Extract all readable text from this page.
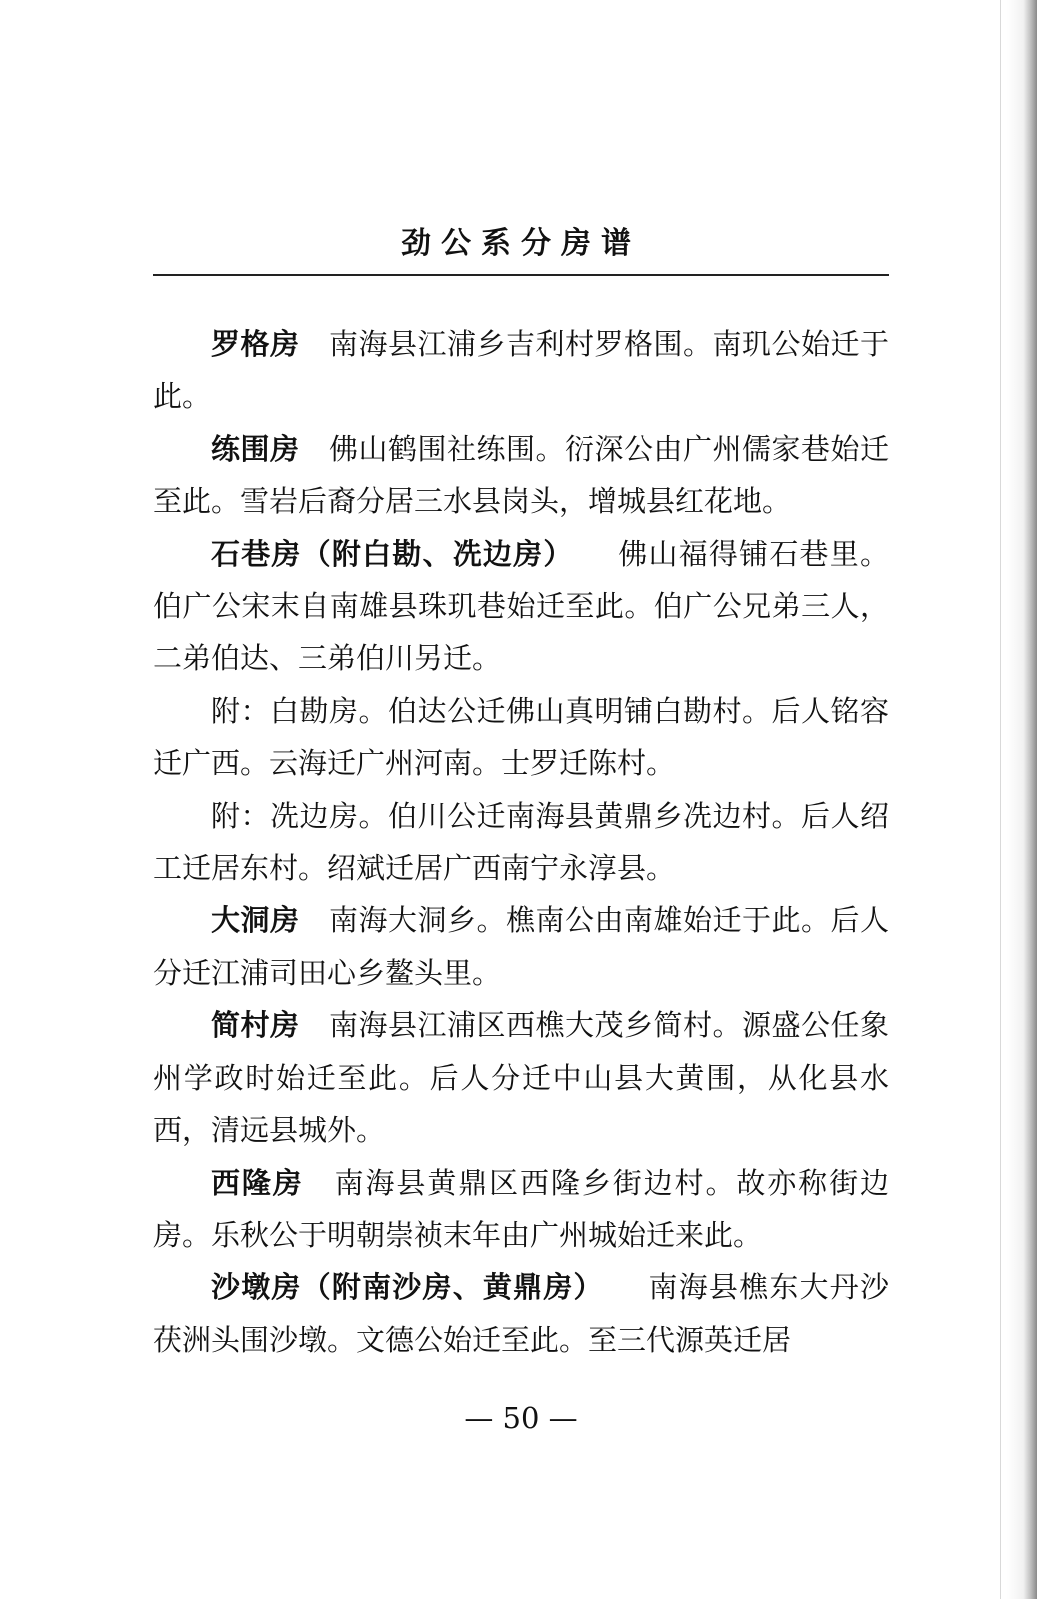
劲公系分房谱

罗格房 南海县江浦乡吉利村罗格围。南玑公始迁于此。

练围房 佛山鹤围社练围。衍深公由广州儒家巷始迁至此。雪岩后裔分居三水县岗头，增城县红花地。

石巷房（附白勘、冼边房） 佛山福得铺石巷里。伯广公宋末自南雄县珠玑巷始迁至此。伯广公兄弟三人，二弟伯达、三弟伯川另迁。

附：白勘房。伯达公迁佛山真明铺白勘村。后人铭容迁广西。云海迁广州河南。士罗迁陈村。

附：冼边房。伯川公迁南海县黄鼎乡冼边村。后人绍工迁居东村。绍斌迁居广西南宁永淳县。

大洞房 南海大洞乡。樵南公由南雄始迁于此。后人分迁江浦司田心乡鳌头里。

简村房 南海县江浦区西樵大茂乡简村。源盛公任象州学政时始迁至此。后人分迁中山县大黄围，从化县水西，清远县城外。

西隆房 南海县黄鼎区西隆乡街边村。故亦称街边房。乐秋公于明朝崇祯末年由广州城始迁来此。

沙墩房（附南沙房、黄鼎房） 南海县樵东大丹沙茯洲头围沙墩。文德公始迁至此。至三代源英迁居

— 50 —
